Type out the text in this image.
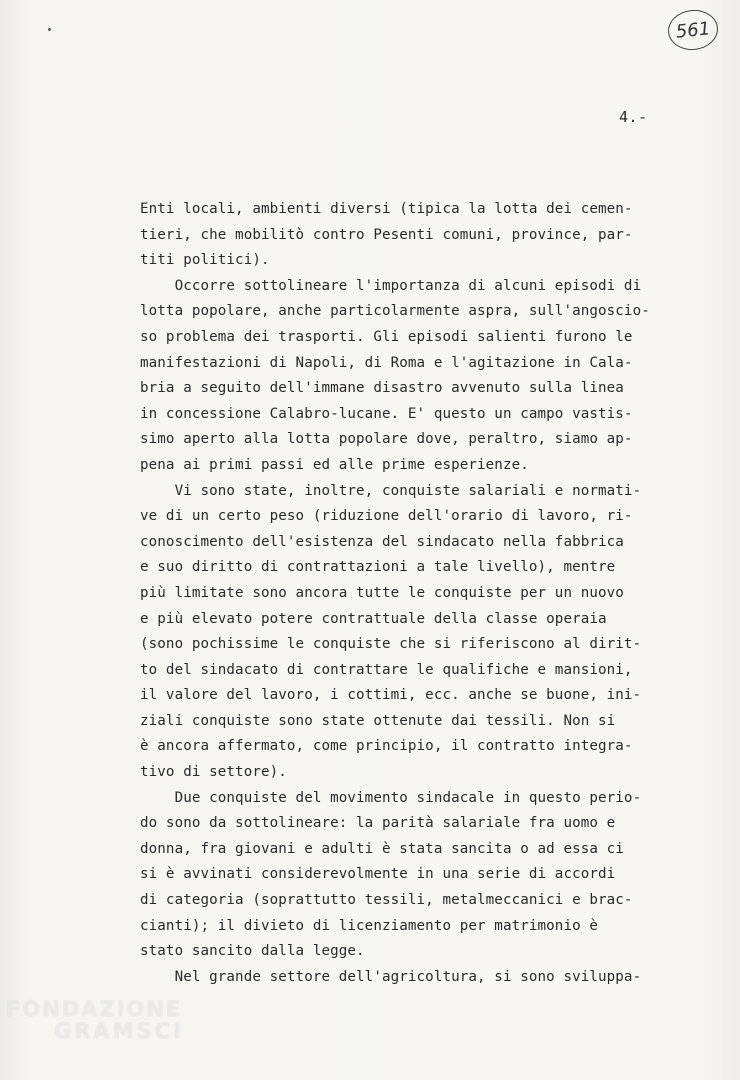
561
4.-
Enti locali, ambienti diversi (tipica la lotta dei cemen-
tieri, che mobilitò contro Pesenti comuni, province, par-
titi politici).
Occorre sottolineare l'importanza di alcuni episodi di
lotta popolare, anche particolarmente aspra, sull'angoscio-
so problema dei trasporti. Gli episodi salienti furono le
manifestazioni di Napoli, di Roma e l'agitazione in Cala-
bria a seguito dell'immane disastro avvenuto sulla linea
in concessione Calabro-lucane. E' questo un campo vastis-
simo aperto alla lotta popolare dove, peraltro, siamo ap-
pena ai primi passi ed alle prime esperienze.
Vi sono state, inoltre, conquiste salariali e normati-
ve di un certo peso (riduzione dell'orario di lavoro, ri-
conoscimento dell'esistenza del sindacato nella fabbrica
e suo diritto di contrattazioni a tale livello), mentre
più limitate sono ancora tutte le conquiste per un nuovo
e più elevato potere contrattuale della classe operaia
(sono pochissime le conquiste che si riferiscono al dirit-
to del sindacato di contrattare le qualifiche e mansioni,
il valore del lavoro, i cottimi, ecc. anche se buone, ini-
ziali conquiste sono state ottenute dai tessili. Non si
è ancora affermato, come principio, il contratto integra-
tivo di settore).
Due conquiste del movimento sindacale in questo perio-
do sono da sottolineare: la parità salariale fra uomo e
donna, fra giovani e adulti è stata sancita o ad essa ci
si è avvinati considerevolmente in una serie di accordi
di categoria (soprattutto tessili, metalmeccanici e brac-
cianti); il divieto di licenziamento per matrimonio è
stato sancito dalla legge.
Nel grande settore dell'agricoltura, si sono sviluppa-
FONDAZIONE
GRAMSCI
